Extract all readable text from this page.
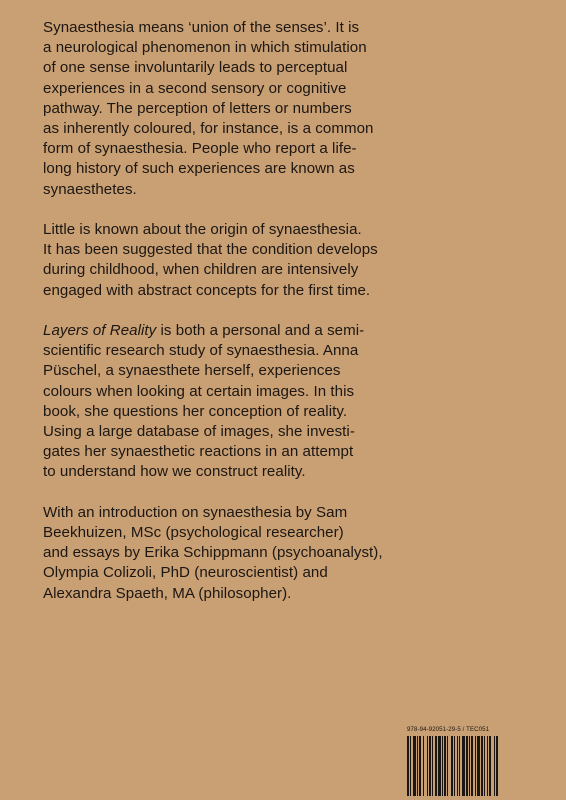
Synaesthesia means ‘union of the senses’. It is
a neurological phenomenon in which stimulation
of one sense involuntarily leads to perceptual
experiences in a second sensory or cognitive
pathway. The perception of letters or numbers
as inherently coloured, for instance, is a common
form of synaesthesia. People who report a life-
long history of such experiences are known as
synaesthetes.
Little is known about the origin of synaesthesia.
It has been suggested that the condition develops
during childhood, when children are intensively
engaged with abstract concepts for the first time.
Layers of Reality is both a personal and a semi-
scientific research study of synaesthesia. Anna
Püschel, a synaesthete herself, experiences
colours when looking at certain images. In this
book, she questions her conception of reality.
Using a large database of images, she investi-
gates her synaesthetic reactions in an attempt
to understand how we construct reality.
With an introduction on synaesthesia by Sam
Beekhuizen, MSc (psychological researcher)
and essays by Erika Schippmann (psychoanalyst),
Olympia Colizoli, PhD (neuroscientist) and
Alexandra Spaeth, MA (philosopher).
978-94-92051-29-5 / TEC051
